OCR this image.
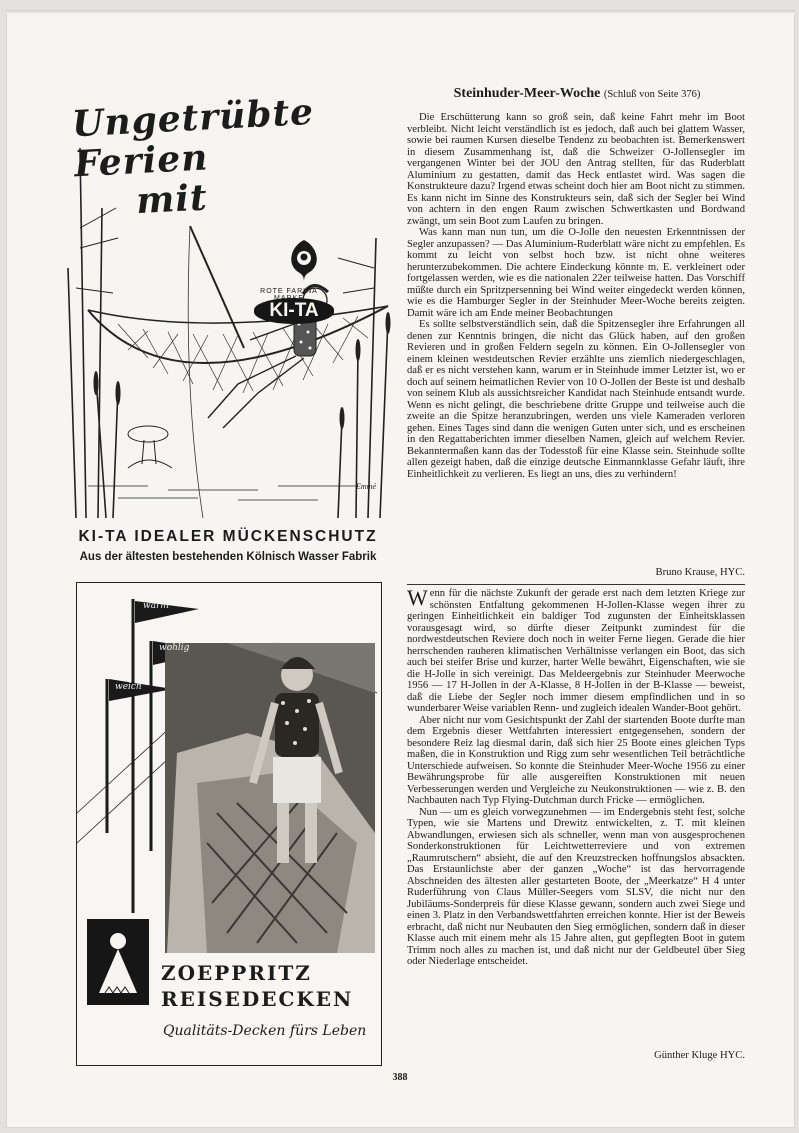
Ungetrübte Ferien
mit
ROTE FARINA
KI-TA
Emmé
KI-TA IDEALER MÜCKENSCHUTZ
Aus der ältesten bestehenden Kölnisch Wasser Fabrik
warm
wohlig
weich
ZOEPPRITZ
REISEDECKEN
Qualitäts-Decken fürs Leben
Steinhuder-Meer-Woche (Schluß von Seite 376)

Die Erschütterung kann so groß sein, daß keine Fahrt mehr im Boot verbleibt. Nicht leicht verständlich ist es jedoch, daß auch bei glattem Wasser, sowie bei raumen Kursen dieselbe Tendenz zu beobachten ist. Bemerkenswert in diesem Zusammenhang ist, daß die Schweizer O-Jollensegler im vergangenen Winter bei der JOU den Antrag stellten, für das Ruderblatt Aluminium zu gestatten, damit das Heck entlastet wird. Was sagen die Konstrukteure dazu? Irgend etwas scheint doch hier am Boot nicht zu stimmen. Es kann nicht im Sinne des Konstrukteurs sein, daß sich der Segler bei Wind von achtern in den engen Raum zwischen Schwertkasten und Bordwand zwängt, um sein Boot zum Laufen zu bringen.

Was kann man nun tun, um die O-Jolle den neuesten Erkenntnissen der Segler anzupassen? — Das Aluminium-Ruderblatt wäre nicht zu empfehlen. Es kommt zu leicht von selbst hoch bzw. ist nicht ohne weiteres herunterzubekommen. Die achtere Eindeckung könnte m. E. verkleinert oder fortgelassen werden, wie es die nationalen 22er teilweise hatten. Das Vorschiff müßte durch ein Spritzpersenning bei Wind weiter eingedeckt werden können, wie es die Hamburger Segler in der Steinhuder Meer-Woche bereits zeigten. Damit wäre ich am Ende meiner Beobachtungen

Es sollte selbstverständlich sein, daß die Spitzensegler ihre Erfahrungen all denen zur Kenntnis bringen, die nicht das Glück haben, auf den großen Revieren und in großen Feldern segeln zu können. Ein O-Jollensegler von einem kleinen westdeutschen Revier erzählte uns ziemlich niedergeschlagen, daß er es nicht verstehen kann, warum er in Steinhude immer Letzter ist, wo er doch auf seinem heimatlichen Revier von 10 O-Jollen der Beste ist und deshalb von seinem Klub als aussichtsreicher Kandidat nach Steinhude entsandt wurde. Wenn es nicht gelingt, die beschriebene dritte Gruppe und teilweise auch die zweite an die Spitze heranzubringen, werden uns viele Kameraden verloren gehen. Eines Tages sind dann die wenigen Guten unter sich, und es erscheinen in den Regattaberichten immer dieselben Namen, gleich auf welchem Revier. Bekanntermaßen kann das der Todesstoß für eine Klasse sein. Steinhude sollte allen gezeigt haben, daß die einzige deutsche Einmannklasse Gefahr läuft, ihre Einheitlichkeit zu verlieren. Es liegt an uns, dies zu verhindern!

Bruno Krause, HYC.

Wenn für die nächste Zukunft der gerade erst nach dem letzten Kriege zur schönsten Entfaltung gekommenen H-Jollen-Klasse wegen ihrer zu geringen Einheitlichkeit ein baldiger Tod zugunsten der Einheitsklassen vorausgesagt wird, so dürfte dieser Zeitpunkt zumindest für die nordwestdeutschen Reviere doch noch in weiter Ferne liegen. Gerade die hier herrschenden rauheren klimatischen Verhältnisse verlangen ein Boot, das sich auch bei steifer Brise und kurzer, harter Welle bewährt, Eigenschaften, wie sie die H-Jolle in sich vereinigt. Das Meldeergebnis zur Steinhuder Meerwoche 1956 — 17 H-Jollen in der A-Klasse, 8 H-Jollen in der B-Klasse — beweist, daß die Liebe der Segler noch immer diesem empfindlichen und in so wunderbarer Weise variablen Renn- und zugleich idealen Wander-Boot gehört.

Aber nicht nur vom Gesichtspunkt der Zahl der startenden Boote durfte man dem Ergebnis dieser Wettfahrten interessiert entgegensehen, sondern der besondere Reiz lag diesmal darin, daß sich hier 25 Boote eines gleichen Typs maßen, die in Konstruktion und Rigg zum sehr wesentlichen Teil beträchtliche Unterschiede aufweisen. So konnte die Steinhuder Meer-Woche 1956 zu einer Bewährungsprobe für alle ausgereiften Konstruktionen mit neuen Verbesserungen werden und Vergleiche zu Neukonstruktionen — wie z. B. den Nachbauten nach Typ Flying-Dutchman durch Fricke — ermöglichen.

Nun — um es gleich vorwegzunehmen — im Endergebnis steht fest, solche Typen, wie sie Martens und Drewitz entwickelten, z. T. mit kleinen Abwandlungen, erwiesen sich als schneller, wenn man von ausgesprochenen Sonderkonstruktionen für Leichtwetterreviere und von extremen „Raumrutschern“ absieht, die auf den Kreuzstrecken hoffnungslos absackten. Das Erstaunlichste aber der ganzen „Woche“ ist das hervorragende Abschneiden des ältesten aller gestarteten Boote, der „Meerkatze“ H 4 unter Ruderführung von Claus Müller-Seegers vom SLSV, die nicht nur den Jubiläums-Sonderpreis für diese Klasse gewann, sondern auch zwei Siege und einen 3. Platz in den Verbandswettfahrten erreichen konnte. Hier ist der Beweis erbracht, daß nicht nur Neubauten den Sieg ermöglichen, sondern daß in dieser Klasse auch mit einem mehr als 15 Jahre alten, gut gepflegten Boot in gutem Trimm noch alles zu machen ist, und daß nicht nur der Geldbeutel über Sieg oder Niederlage entscheidet.

Günther Kluge HYC.
388
